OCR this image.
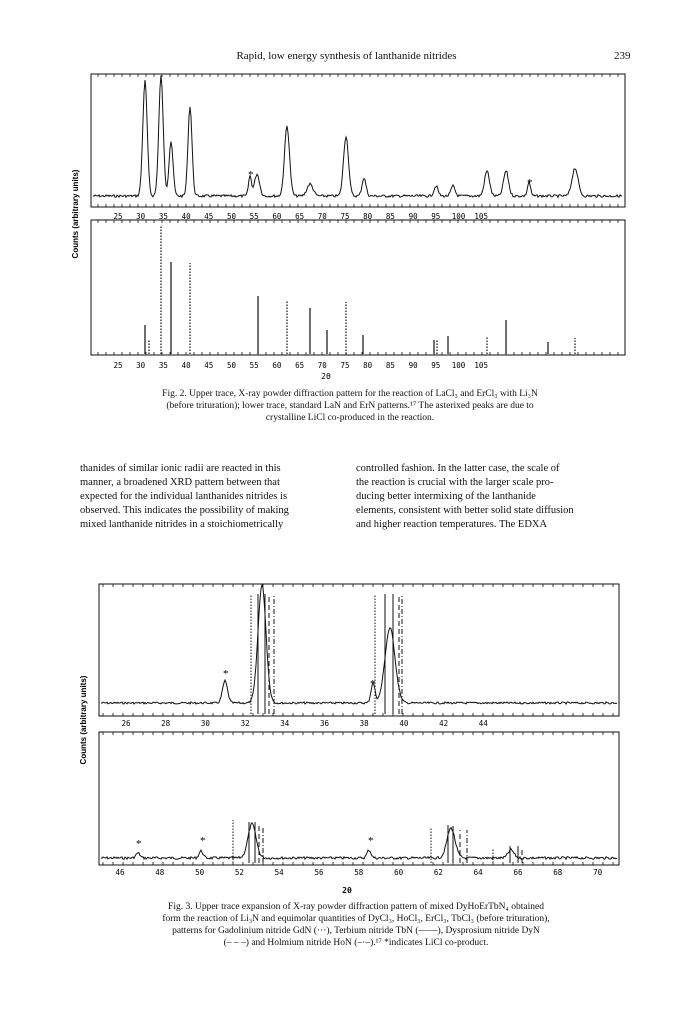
Rapid, low energy synthesis of lanthanide nitrides	239
*
*
25 30 35 40 45 50 55 60 65 70 75 80 85 90 95 100 105
25 30 35 40 45 50 55 60 65 70 75 80 85 90 95 100 105
2θ
Counts (arbitrary units)
*
*
*	*	*
26	28	30	32	34	36	38	40	42	44
46	48	50	52	54	56	58	60	62	64	66	68	70
2θ
Counts (arbitrary units)
Fig. 2. Upper trace, X-ray powder diffraction pattern for the reaction of LaCl₃ and ErCl₃ with Li₃N
(before trituration); lower trace, standard LaN and ErN patterns.¹⁷ The asterixed peaks are due to
crystalline LiCl co-produced in the reaction.

thanides of similar ionic radii are reacted in this

manner, a broadened XRD pattern between that

expected for the individual lanthanides nitrides is

observed. This indicates the possibility of making

mixed lanthanide nitrides in a stoichiometrically

controlled fashion. In the latter case, the scale of

the reaction is crucial with the larger scale pro-

ducing better intermixing of the lanthanide

elements, consistent with better solid state diffusion

and higher reaction temperatures. The EDXA

Fig. 3. Upper trace expansion of X-ray powder diffraction pattern of mixed DyHoErTbN₄ obtained
form the reaction of Li₃N and equimolar quantities of DyCl₃, HoCl₃, ErCl₃, TbCl₃ (before trituration),
patterns for Gadolinium nitride GdN (···), Terbium nitride TbN (——), Dysprosium nitride DyN
(– – –) and Holmium nitride HoN (–·–).¹⁷ *indicates LiCl co-product.
